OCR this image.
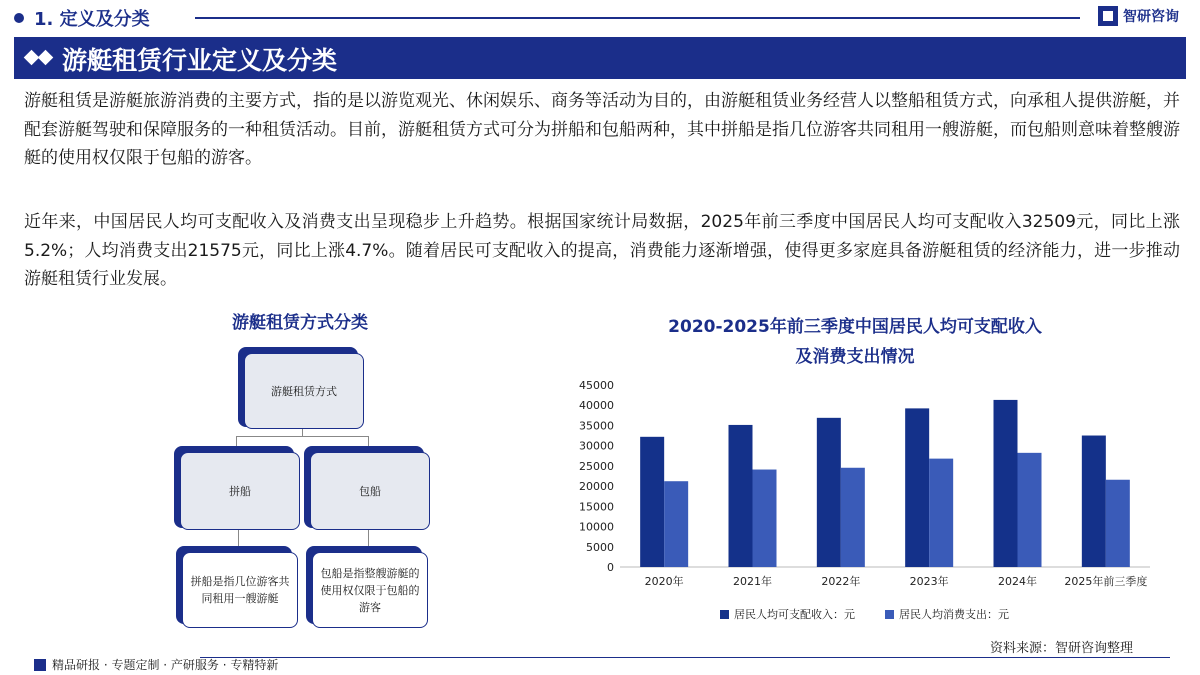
1. 定义及分类	智研咨询
游艇租赁行业定义及分类
游艇租赁是游艇旅游消费的主要方式，指的是以游览观光、休闲娱乐、商务等活动为目的，由游艇租赁业务经营人以整船租赁方式，向承租人提供游艇，并配套游艇驾驶和保障服务的一种租赁活动。目前，游艇租赁方式可分为拼船和包船两种，其中拼船是指几位游客共同租用一艘游艇，而包船则意味着整艘游艇的使用权仅限于包船的游客。
近年来，中国居民人均可支配收入及消费支出呈现稳步上升趋势。根据国家统计局数据，2025年前三季度中国居民人均可支配收入32509元，同比上涨5.2%；人均消费支出21575元，同比上涨4.7%。随着居民可支配收入的提高，消费能力逐渐增强，使得更多家庭具备游艇租赁的经济能力，进一步推动游艇租赁行业发展。
游艇租赁方式分类
游艇租赁方式
拼船	包船
拼船是指几位游客共同租用一艘游艇
包船是指整艘游艇的使用权仅限于包船的游客
2020-2025年前三季度中国居民人均可支配收入
及消费支出情况
0
5000
10000
15000
20000
25000
30000
35000
40000
45000
2020年	2021年	2022年	2023年	2024年 2025年前三季度
居民人均可支配收入：元	居民人均消费支出：元
资料来源：智研咨询整理
精品研报 · 专题定制 · 产研服务 · 专精特新
